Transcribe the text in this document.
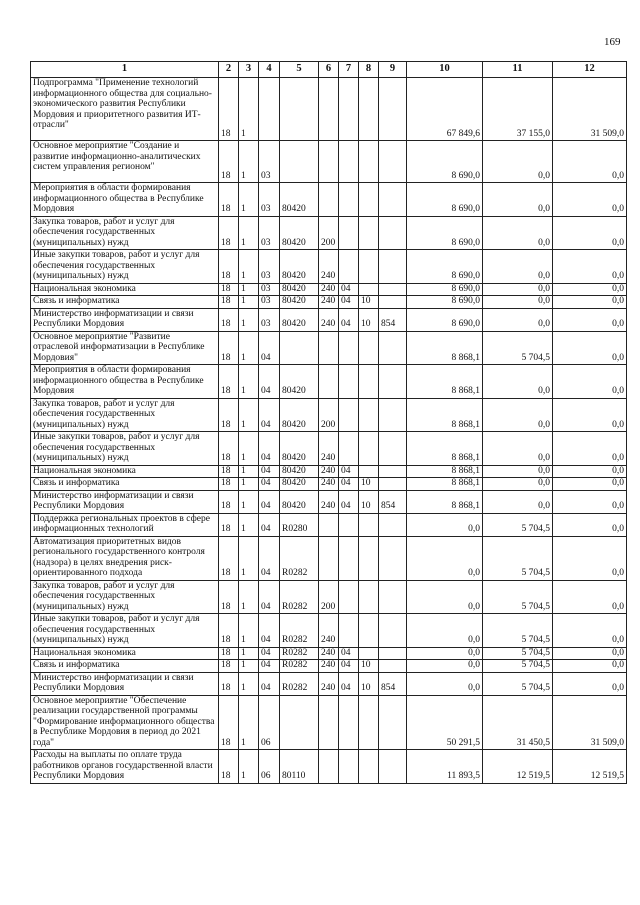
169
1	2	3	4	5	6	7	8	9	10	11	12
Подпрограмма "Применение технологий информационного общества для социально-экономического развития Республики Мордовия и приоритетного развития ИТ-отрасли"	18	1							67 849,6	37 155,0	31 509,0
Основное мероприятие "Создание и развитие информационно-аналитических систем управления регионом"	18	1	03						8 690,0	0,0	0,0
Мероприятия в области формирования информационного общества в Республике Мордовия	18	1	03	80420					8 690,0	0,0	0,0
Закупка товаров, работ и услуг для обеспечения государственных (муниципальных) нужд	18	1	03	80420	200				8 690,0	0,0	0,0
Иные закупки товаров, работ и услуг для обеспечения государственных (муниципальных) нужд	18	1	03	80420	240				8 690,0	0,0	0,0
Национальная экономика	18	1	03	80420	240	04			8 690,0	0,0	0,0
Связь и информатика	18	1	03	80420	240	04	10		8 690,0	0,0	0,0
Министерство информатизации и связи Республики Мордовия	18	1	03	80420	240	04	10	854	8 690,0	0,0	0,0
Основное мероприятие "Развитие отраслевой информатизации в Республике Мордовия"	18	1	04						8 868,1	5 704,5	0,0
Мероприятия в области формирования информационного общества в Республике Мордовия	18	1	04	80420					8 868,1	0,0	0,0
Закупка товаров, работ и услуг для обеспечения государственных (муниципальных) нужд	18	1	04	80420	200				8 868,1	0,0	0,0
Иные закупки товаров, работ и услуг для обеспечения государственных (муниципальных) нужд	18	1	04	80420	240				8 868,1	0,0	0,0
Национальная экономика	18	1	04	80420	240	04			8 868,1	0,0	0,0
Связь и информатика	18	1	04	80420	240	04	10		8 868,1	0,0	0,0
Министерство информатизации и связи Республики Мордовия	18	1	04	80420	240	04	10	854	8 868,1	0,0	0,0
Поддержка региональных проектов в сфере информационных технологий	18	1	04	R0280					0,0	5 704,5	0,0
Автоматизация приоритетных видов регионального государственного контроля (надзора) в целях внедрения риск-ориентированного подхода	18	1	04	R0282					0,0	5 704,5	0,0
Закупка товаров, работ и услуг для обеспечения государственных (муниципальных) нужд	18	1	04	R0282	200				0,0	5 704,5	0,0
Иные закупки товаров, работ и услуг для обеспечения государственных (муниципальных) нужд	18	1	04	R0282	240				0,0	5 704,5	0,0
Национальная экономика	18	1	04	R0282	240	04			0,0	5 704,5	0,0
Связь и информатика	18	1	04	R0282	240	04	10		0,0	5 704,5	0,0
Министерство информатизации и связи Республики Мордовия	18	1	04	R0282	240	04	10	854	0,0	5 704,5	0,0
Основное мероприятие "Обеспечение реализации государственной программы "Формирование информационного общества в Республике Мордовия в период до 2021 года"	18	1	06						50 291,5	31 450,5	31 509,0
Расходы на выплаты по оплате труда работников органов государственной власти Республики Мордовия	18	1	06	80110					11 893,5	12 519,5	12 519,5
